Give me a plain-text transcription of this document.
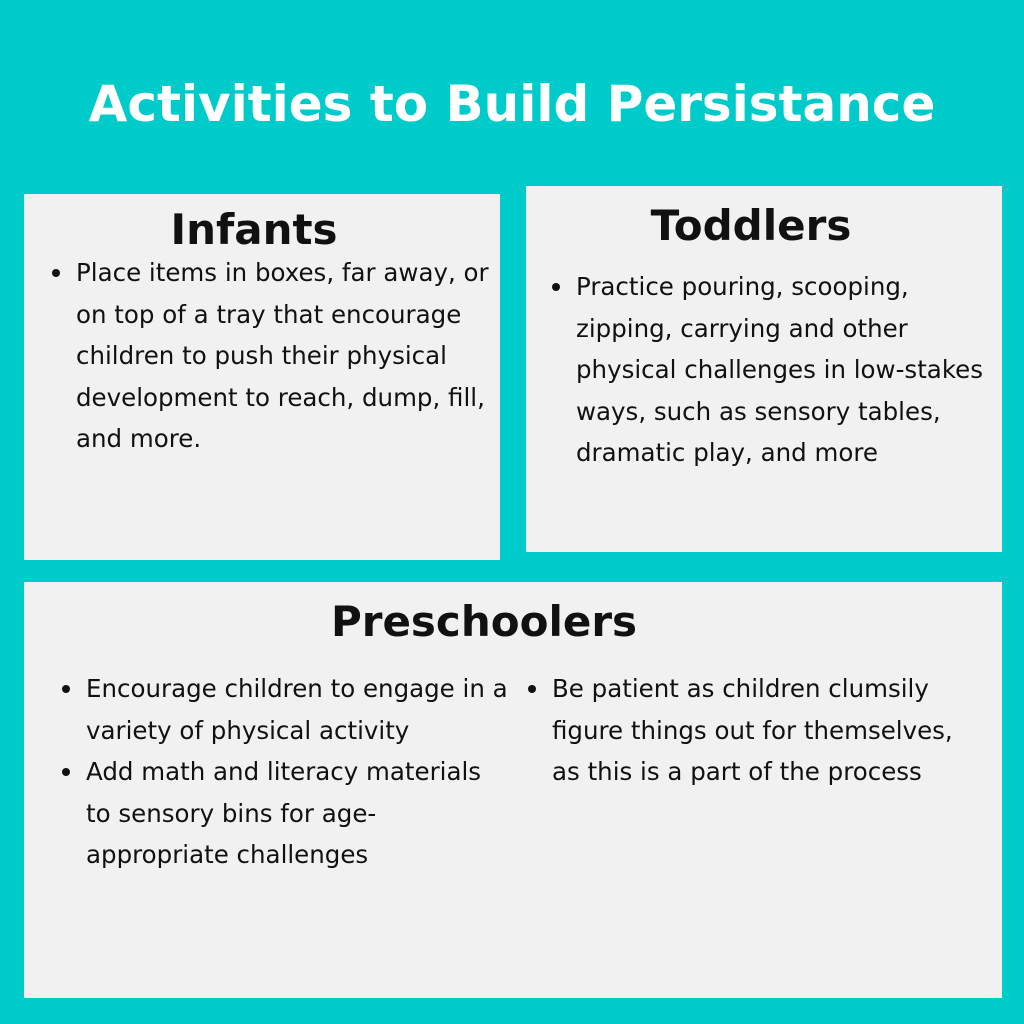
Activities to Build Persistance
Infants
Place items in boxes, far away, or on top of a tray that encourage children to push their physical development to reach, dump, fill, and more.
Toddlers
Practice pouring, scooping, zipping, carrying and other physical challenges in low-stakes ways, such as sensory tables, dramatic play, and more
Preschoolers
Encourage children to engage in a variety of physical activity
Add math and literacy materials to sensory bins for age-appropriate challenges
Be patient as children clumsily figure things out for themselves, as this is a part of the process
